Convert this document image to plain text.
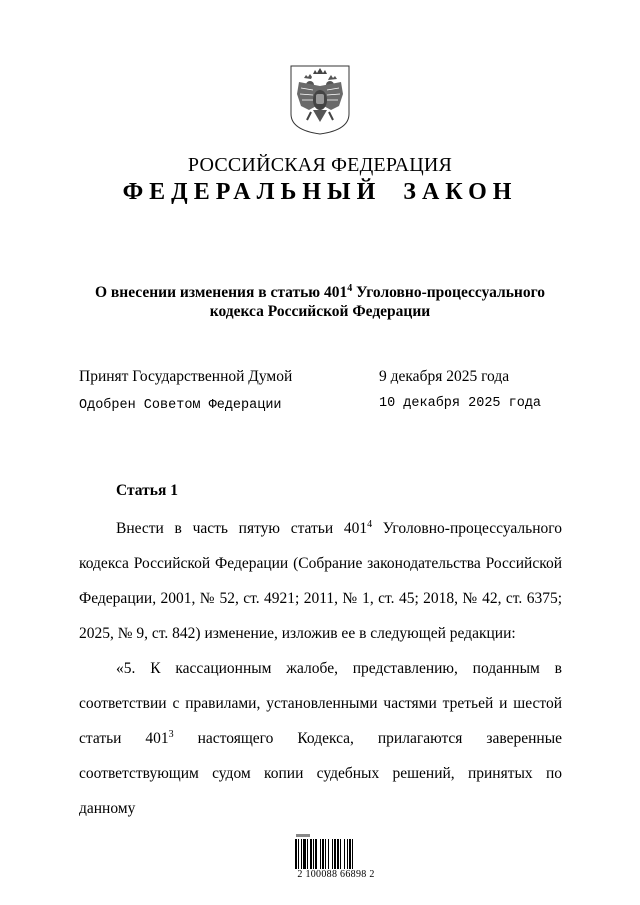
РОССИЙСКАЯ ФЕДЕРАЦИЯ
ФЕДЕРАЛЬНЫЙ ЗАКОН
О внесении изменения в статью $401^4$ Уголовно-процессуального
кодекса Российской Федерации
Принят Государственной Думой	9 декабря 2025 года
Одобрен Советом Федерации	10 декабря 2025 года
Статья 1

Внести в часть пятую статьи $401^4$ Уголовно-процессуального кодекса Российской Федерации (Собрание законодательства Российской Федерации, 2001, № 52, ст. 4921; 2011, № 1, ст. 45; 2018, № 42, ст. 6375; 2025, № 9, ст. 842) изменение, изложив ее в следующей редакции:

«5. К кассационным жалобе, представлению, поданным в соответствии с правилами, установленными частями третьей и шестой статьи $401^3$ настоящего Кодекса, прилагаются заверенные соответствующим судом копии судебных решений, принятых по данному

2 100088 66898 2
